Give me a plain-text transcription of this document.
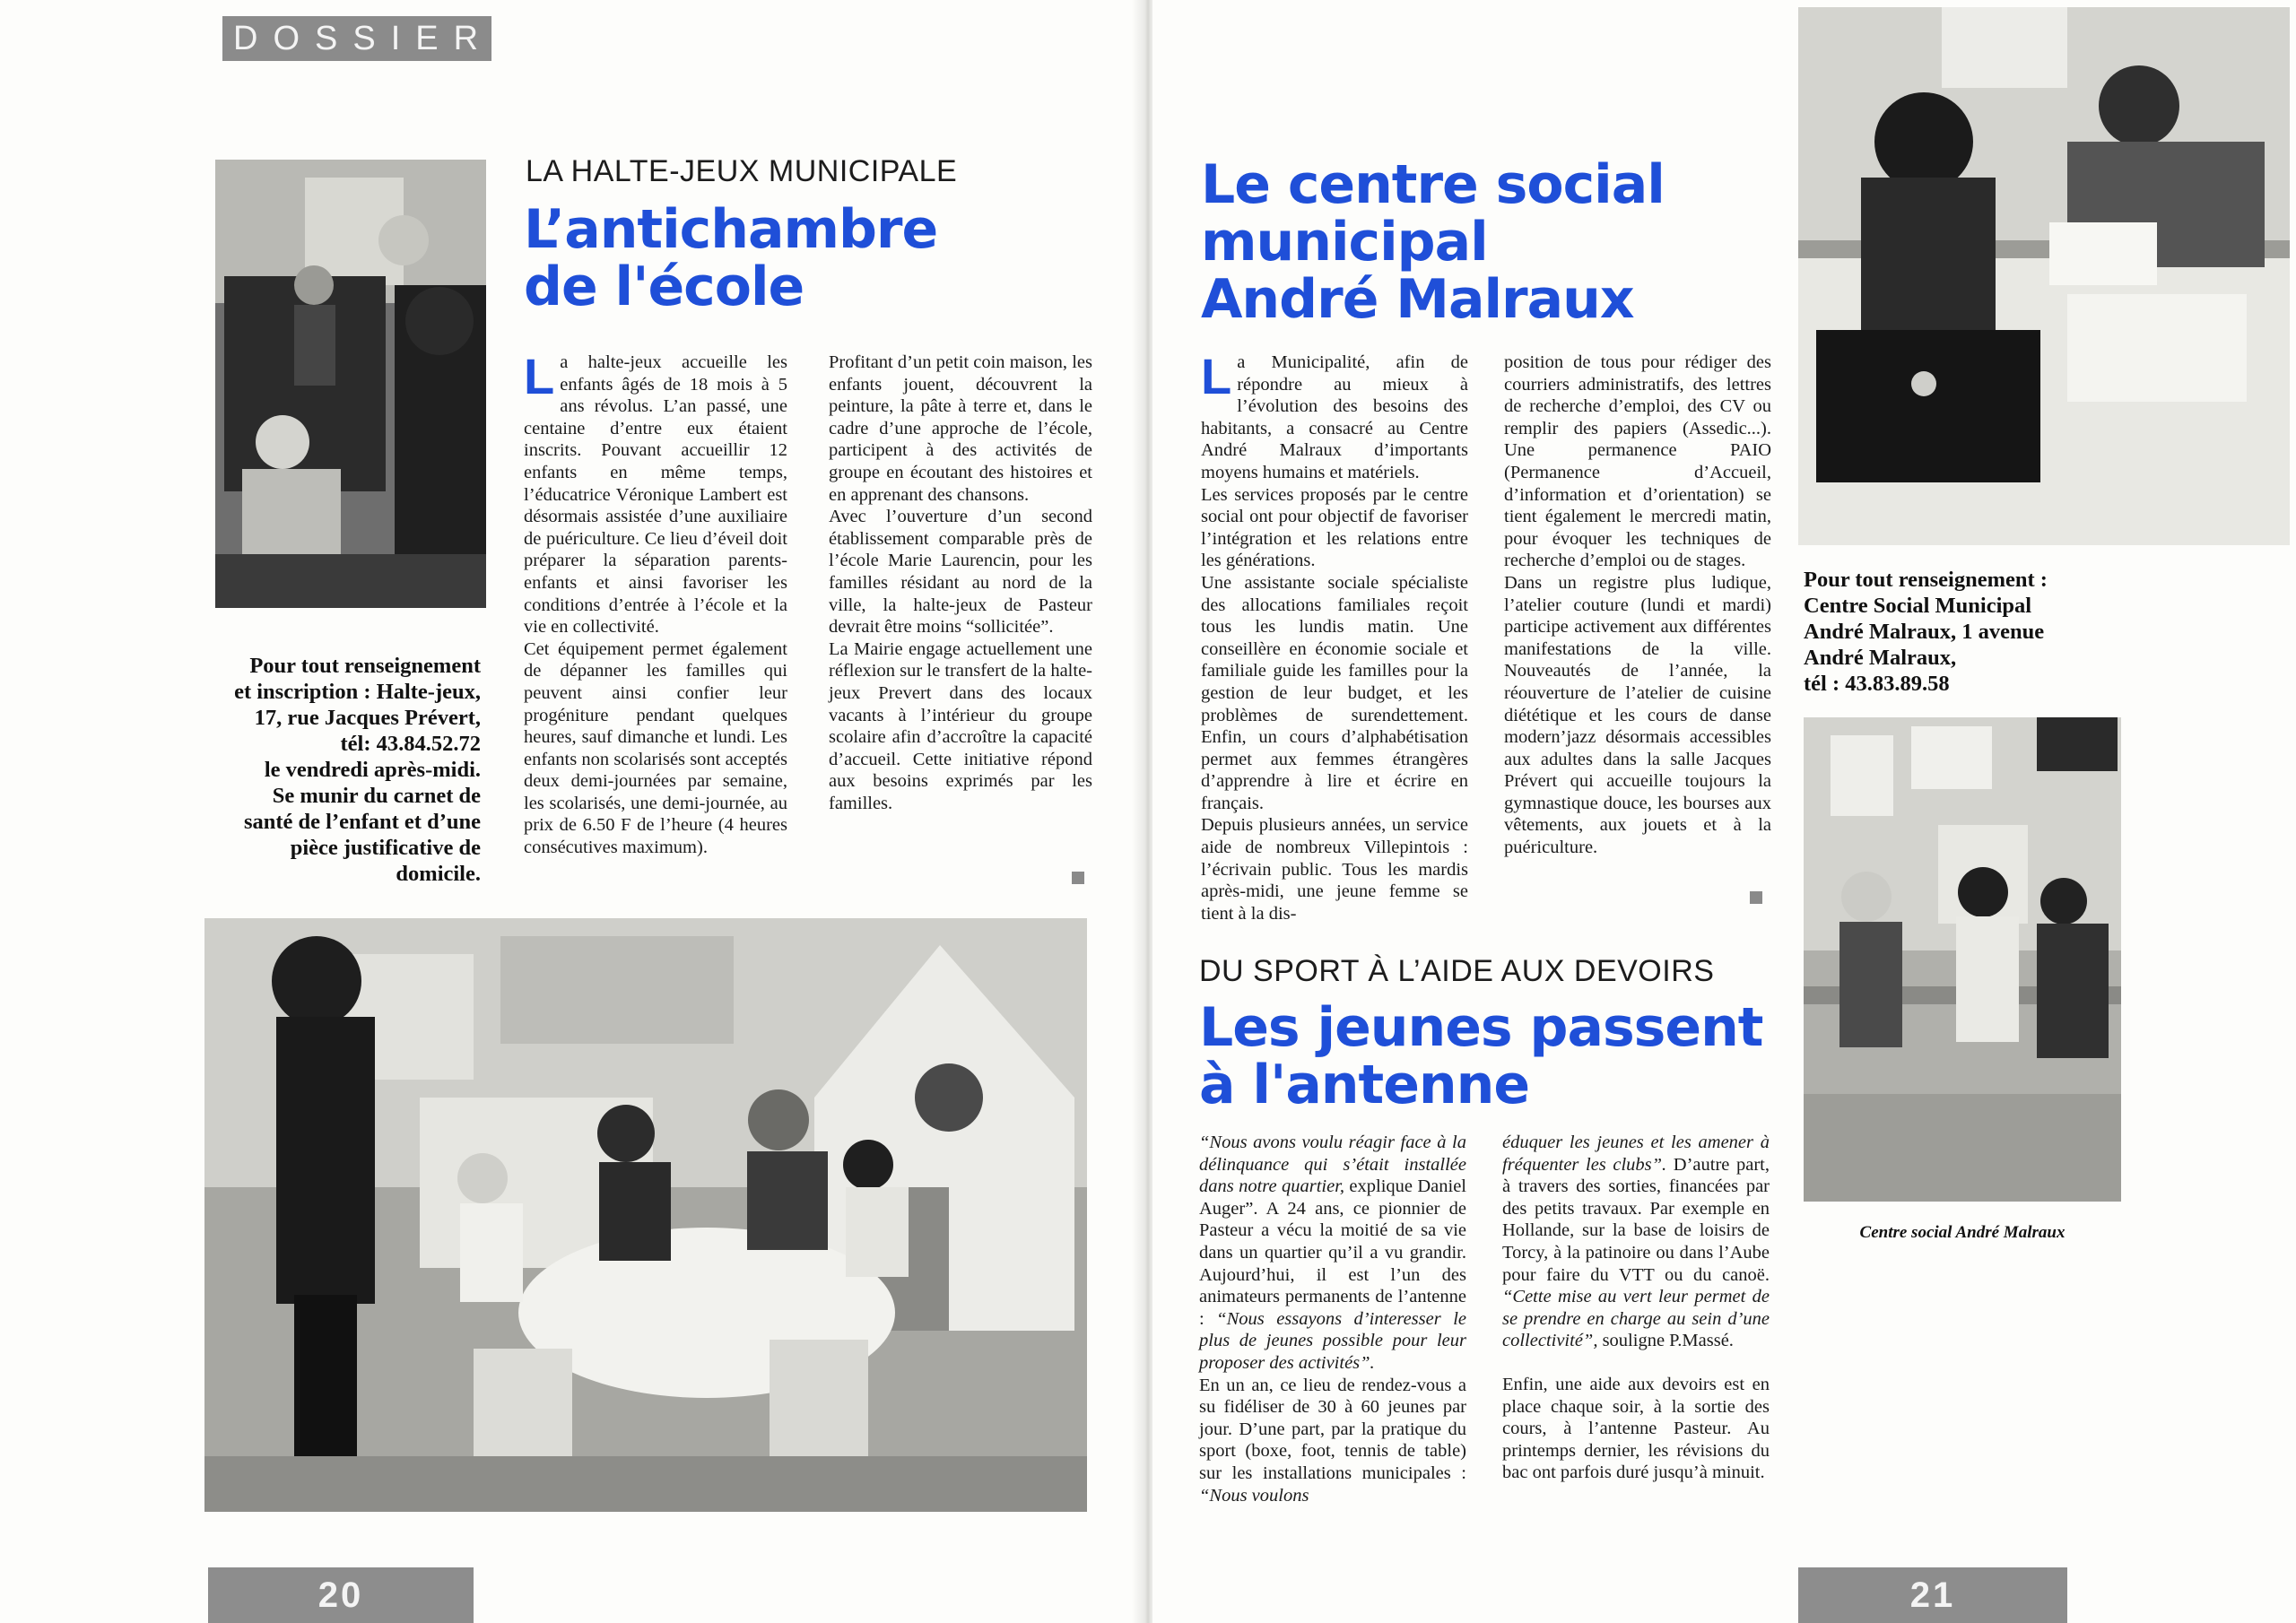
DOSSIER
LA HALTE-JEUX MUNICIPALE
L’antichambre
de l'école

La halte-jeux accueille les enfants âgés de 18 mois à 5 ans révolus. L’an passé, une centaine d’entre eux étaient inscrits. Pouvant accueillir 12 enfants en même temps, l’éducatrice Véronique Lambert est désormais assistée d’une auxiliaire de puériculture. Ce lieu d’éveil doit préparer la séparation parents-enfants et ainsi favoriser les conditions d’entrée à l’école et la vie en collectivité.

Cet équipement permet également de dépanner les familles qui peuvent ainsi confier leur progéniture pendant quelques heures, sauf dimanche et lundi. Les enfants non scolarisés sont acceptés deux demi-journées par semaine, les scolarisés, une demi-journée, au prix de 6.50 F de l’heure (4 heures consécutives maximum).

Profitant d’un petit coin maison, les enfants jouent, découvrent la peinture, la pâte à terre et, dans le cadre d’une approche de l’école, participent à des activités de groupe en écoutant des histoires et en apprenant des chansons.

Avec l’ouverture d’un second établissement comparable près de l’école Marie Laurencin, pour les familles résidant au nord de la ville, la halte-jeux de Pasteur devrait être moins “sollicitée”.

La Mairie engage actuellement une réflexion sur le transfert de la halte-jeux Prevert dans des locaux vacants à l’intérieur du groupe scolaire afin d’accroître la capacité d’accueil. Cette initiative répond aux besoins exprimés par les familles.

Pour tout renseignement
et inscription : Halte-jeux,
17, rue Jacques Prévert,
tél: 43.84.52.72
le vendredi après-midi.
Se munir du carnet de
santé de l’enfant et d’une
pièce justificative de
domicile.
20
Le centre social
municipal
André Malraux

La Municipalité, afin de répondre au mieux à l’évolution des besoins des habitants, a consacré au Centre André Malraux d’importants moyens humains et matériels.

Les services proposés par le centre social ont pour objectif de favoriser l’intégration et les relations entre les générations.

Une assistante sociale spécialiste des allocations familiales reçoit tous les lundis matin. Une conseillère en économie sociale et familiale guide les familles pour la gestion de leur budget, et les problèmes de surendettement. Enfin, un cours d’alphabétisation permet aux femmes étrangères d’apprendre à lire et écrire en français.

Depuis plusieurs années, un service aide de nombreux Villepintois : l’écrivain public. Tous les mardis après-midi, une jeune femme se tient à la dis-

position de tous pour rédiger des courriers administratifs, des lettres de recherche d’emploi, des CV ou remplir des papiers (Assedic...). Une permanence PAIO (Permanence d’Accueil, d’information et d’orientation) se tient également le mercredi matin, pour évoquer les techniques de recherche d’emploi ou de stages.

Dans un registre plus ludique, l’atelier couture (lundi et mardi) participe activement aux différentes manifestations de la ville. Nouveautés de l’année, la réouverture de l’atelier de cuisine diététique et les cours de danse modern’jazz désormais accessibles aux adultes dans la salle Jacques Prévert qui accueille toujours la gymnastique douce, les bourses aux vêtements, aux jouets et à la puériculture.

Pour tout renseignement :
Centre Social Municipal
André Malraux, 1 avenue
André Malraux,
tél : 43.83.89.58
Centre social André Malraux
DU SPORT À L’AIDE AUX DEVOIRS
Les jeunes passent
à l'antenne

“Nous avons voulu réagir face à la délinquance qui s’était installée dans notre quartier, explique Daniel Auger”. A 24 ans, ce pionnier de Pasteur a vécu la moitié de sa vie dans un quartier qu’il a vu grandir. Aujourd’hui, il est l’un des animateurs permanents de l’antenne : “Nous essayons d’interesser le plus de jeunes possible pour leur proposer des activités”.

En un an, ce lieu de rendez-vous a su fidéliser de 30 à 60 jeunes par jour. D’une part, par la pratique du sport (boxe, foot, tennis de table) sur les installations municipales : “Nous voulons

éduquer les jeunes et les amener à fréquenter les clubs”. D’autre part, à travers des sorties, financées par des petits travaux. Par exemple en Hollande, sur la base de loisirs de Torcy, à la patinoire ou dans l’Aube pour faire du VTT ou du canoë. “Cette mise au vert leur permet de se prendre en charge au sein d’une collectivité”, souligne P.Massé.

Enfin, une aide aux devoirs est en place chaque soir, à la sortie des cours, à l’antenne Pasteur. Au printemps dernier, les révisions du bac ont parfois duré jusqu’à minuit.

21
